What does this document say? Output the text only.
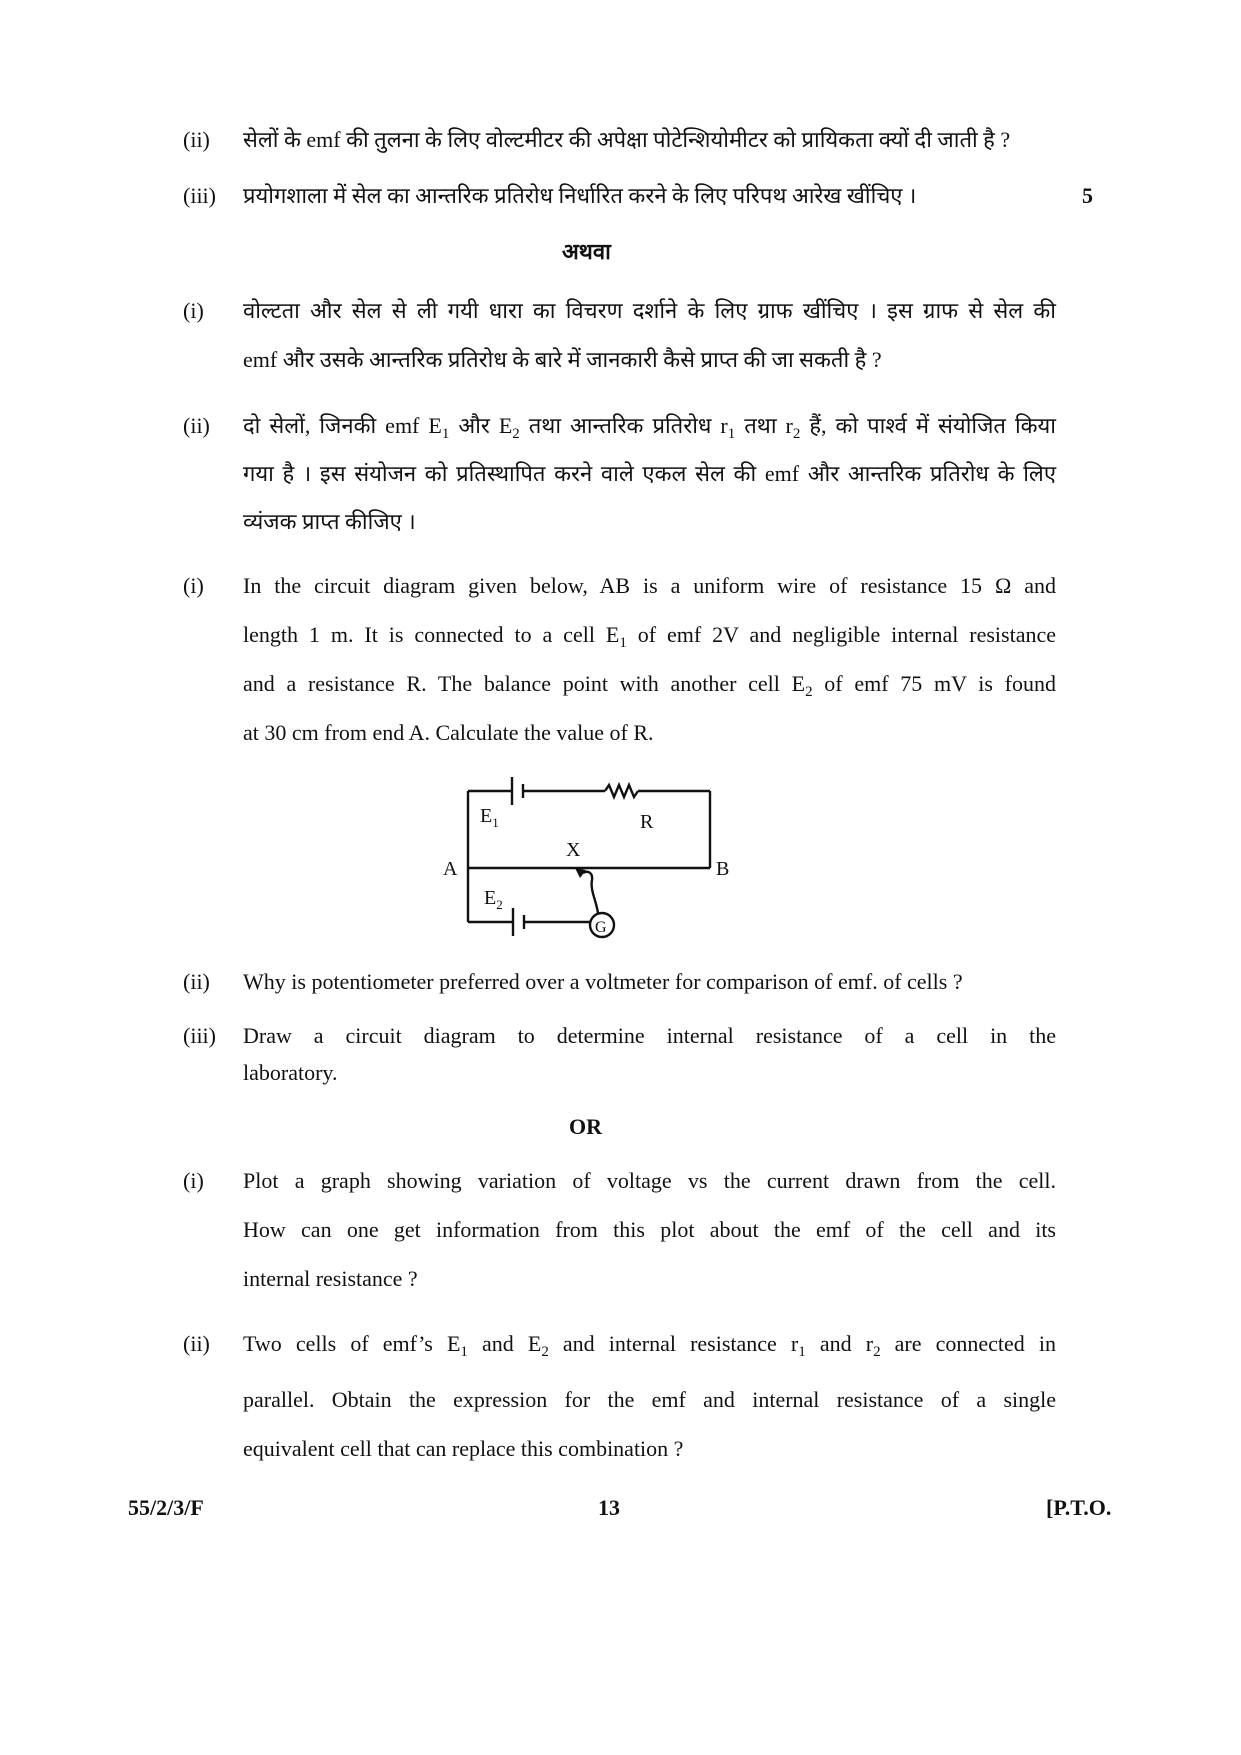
(ii) सेलों के emf की तुलना के लिए वोल्टमीटर की अपेक्षा पोटेन्शियोमीटर को प्रायिकता क्यों दी जाती है ?
(iii) प्रयोगशाला में सेल का आन्तरिक प्रतिरोध निर्धारित करने के लिए परिपथ आरेख खींचिए ।	5
अथवा
(i) वोल्टता और सेल से ली गयी धारा का विचरण दर्शाने के लिए ग्राफ खींचिए । इस ग्राफ से सेल की
emf और उसके आन्तरिक प्रतिरोध के बारे में जानकारी कैसे प्राप्त की जा सकती है ?
(ii) दो सेलों, जिनकी emf $E_1$ और $E_2$ तथा आन्तरिक प्रतिरोध $r_1$ तथा $r_2$ हैं, को पार्श्व में संयोजित किया
गया है । इस संयोजन को प्रतिस्थापित करने वाले एकल सेल की emf और आन्तरिक प्रतिरोध के लिए
व्यंजक प्राप्त कीजिए ।
(i) In the circuit diagram given below, AB is a uniform wire of resistance 15 Ω and
length 1 m. It is connected to a cell $E_1$ of emf 2V and negligible internal resistance
and a resistance R. The balance point with another cell $E_2$ of emf 75 mV is found
at 30 cm from end A. Calculate the value of R.
$E_1$	R
X
A	B
$E_2$
G
(ii) Why is potentiometer preferred over a voltmeter for comparison of emf. of cells ?
(iii) Draw a circuit diagram to determine internal resistance of a cell in the
laboratory.
OR
(i) Plot a graph showing variation of voltage vs the current drawn from the cell.
How can one get information from this plot about the emf of the cell and its
internal resistance ?
(ii) Two cells of emf’s $E_1$ and $E_2$ and internal resistance $r_1$ and $r_2$ are connected in
parallel. Obtain the expression for the emf and internal resistance of a single
equivalent cell that can replace this combination ?
55/2/3/F	13	[P.T.O.
